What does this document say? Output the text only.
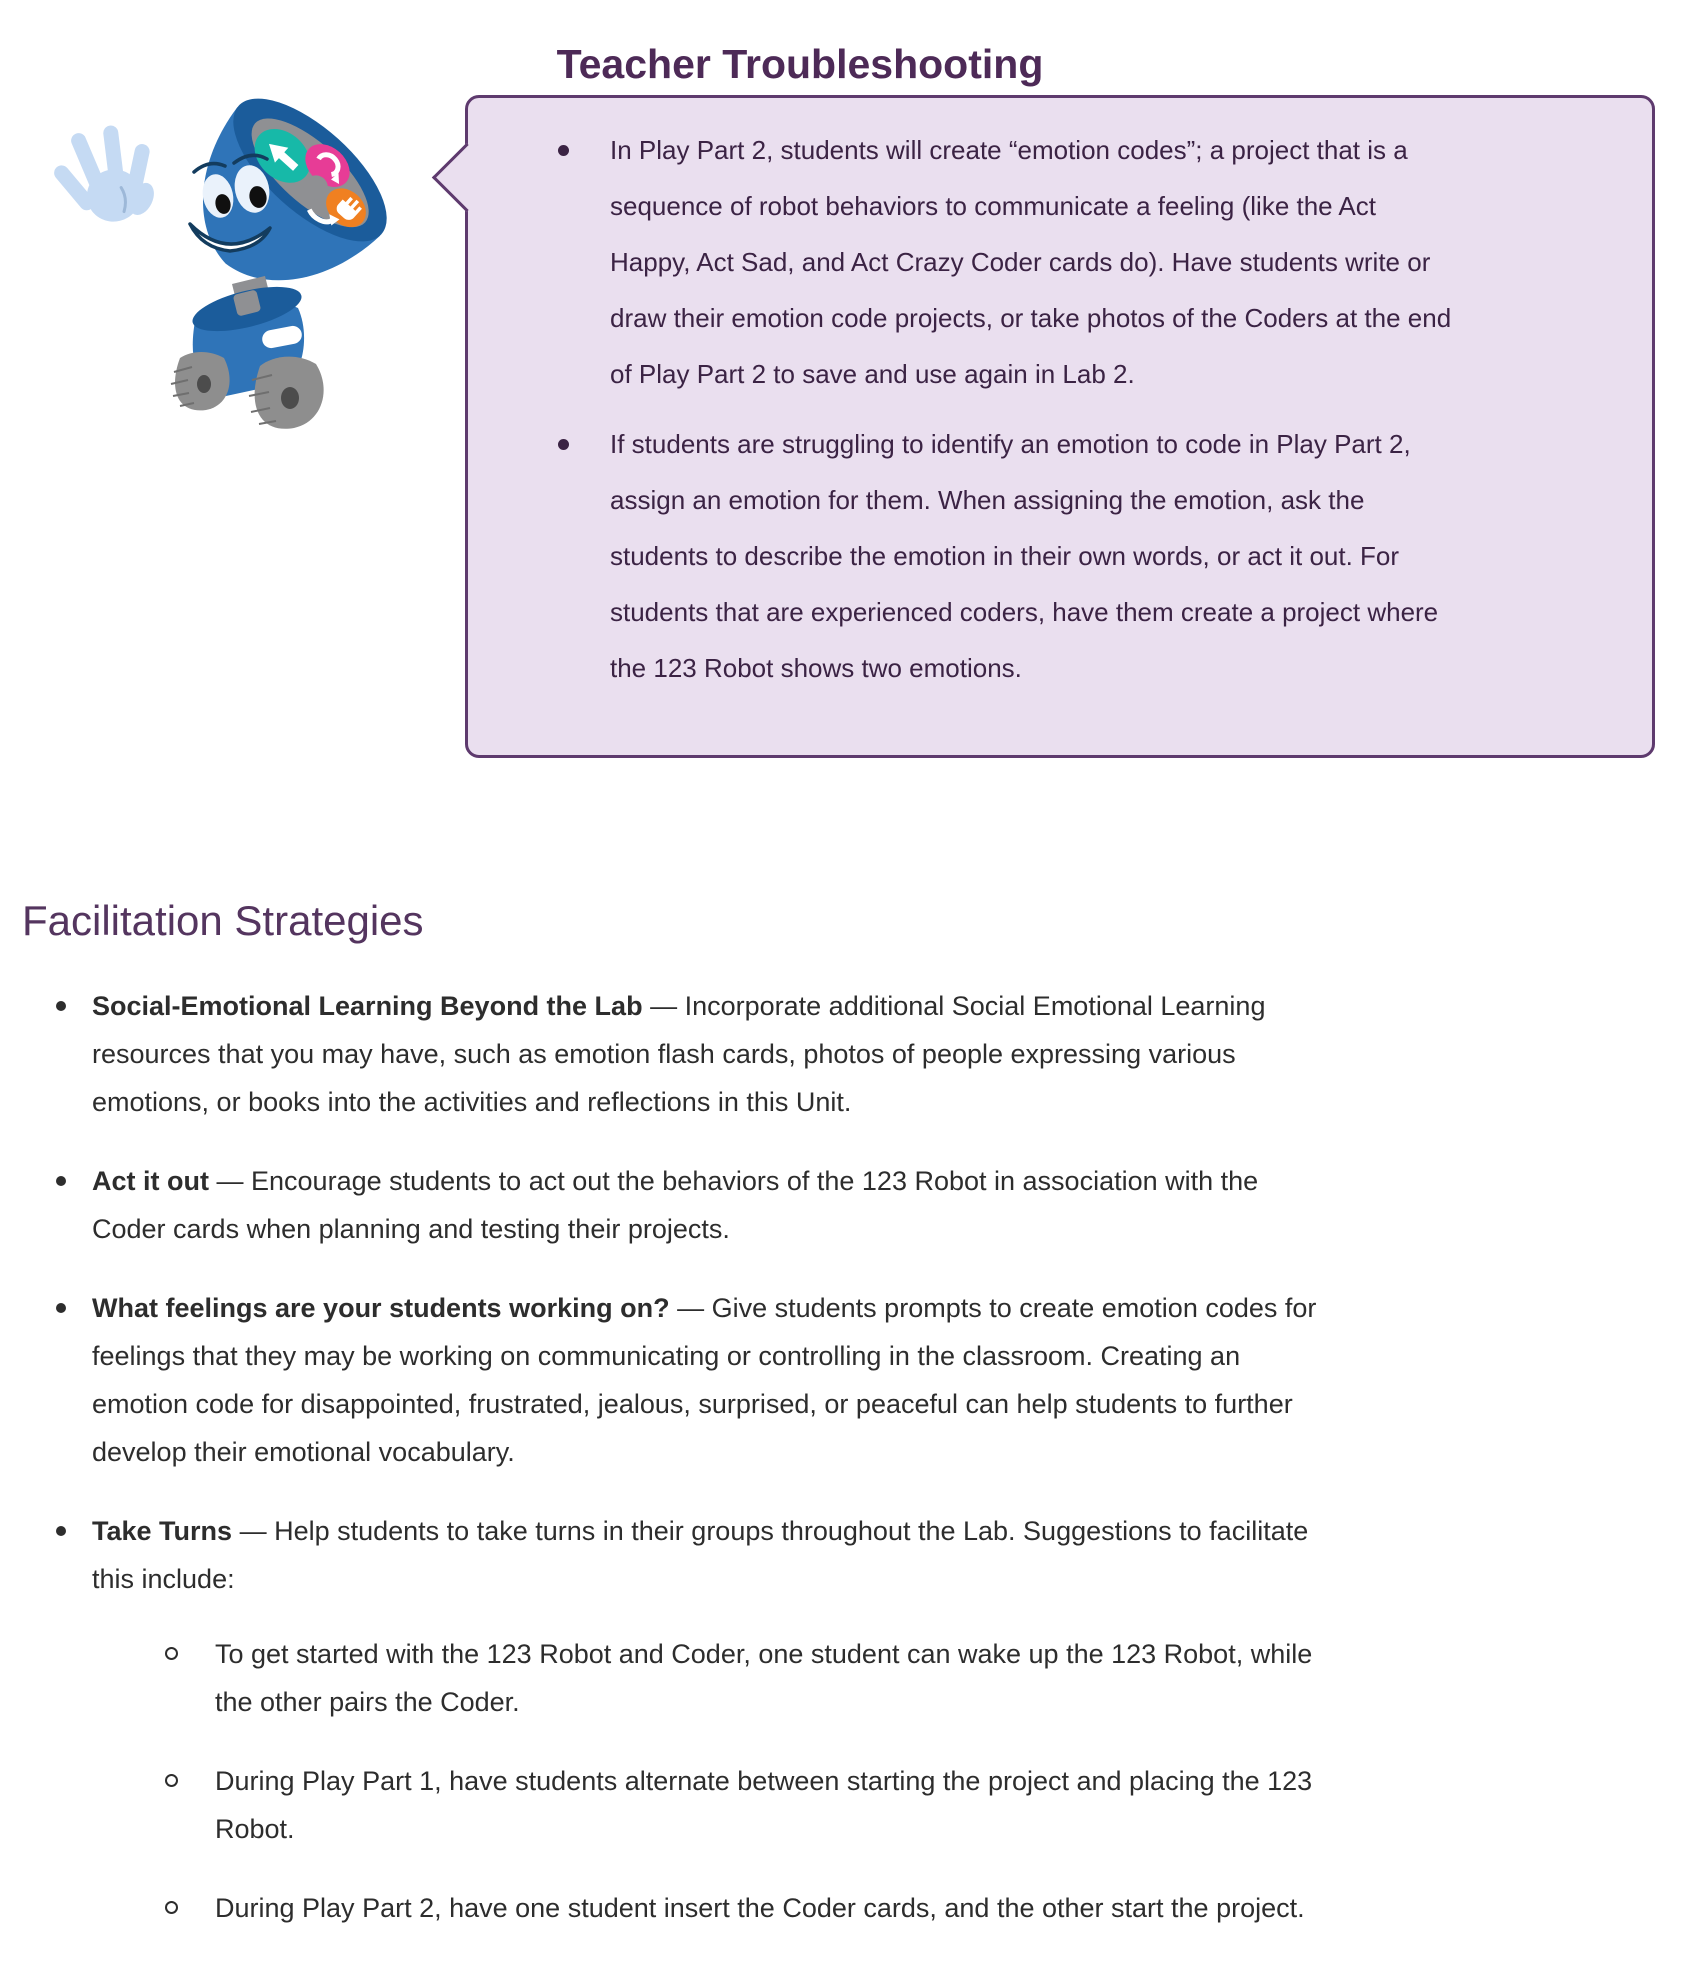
Teacher Troubleshooting
In Play Part 2, students will create “emotion codes”; a project that is a sequence of robot behaviors to communicate a feeling (like the Act Happy, Act Sad, and Act Crazy Coder cards do). Have students write or draw their emotion code projects, or take photos of the Coders at the end of Play Part 2 to save and use again in Lab 2.
If students are struggling to identify an emotion to code in Play Part 2, assign an emotion for them. When assigning the emotion, ask the students to describe the emotion in their own words, or act it out. For students that are experienced coders, have them create a project where the 123 Robot shows two emotions.
Facilitation Strategies
Social-Emotional Learning Beyond the Lab — Incorporate additional Social Emotional Learning resources that you may have, such as emotion flash cards, photos of people expressing various emotions, or books into the activities and reflections in this Unit.
Act it out — Encourage students to act out the behaviors of the 123 Robot in association with the Coder cards when planning and testing their projects.
What feelings are your students working on? — Give students prompts to create emotion codes for feelings that they may be working on communicating or controlling in the classroom. Creating an emotion code for disappointed, frustrated, jealous, surprised, or peaceful can help students to further develop their emotional vocabulary.
Take Turns — Help students to take turns in their groups throughout the Lab. Suggestions to facilitate this include:
To get started with the 123 Robot and Coder, one student can wake up the 123 Robot, while the other pairs the Coder.
During Play Part 1, have students alternate between starting the project and placing the 123 Robot.
During Play Part 2, have one student insert the Coder cards, and the other start the project.
